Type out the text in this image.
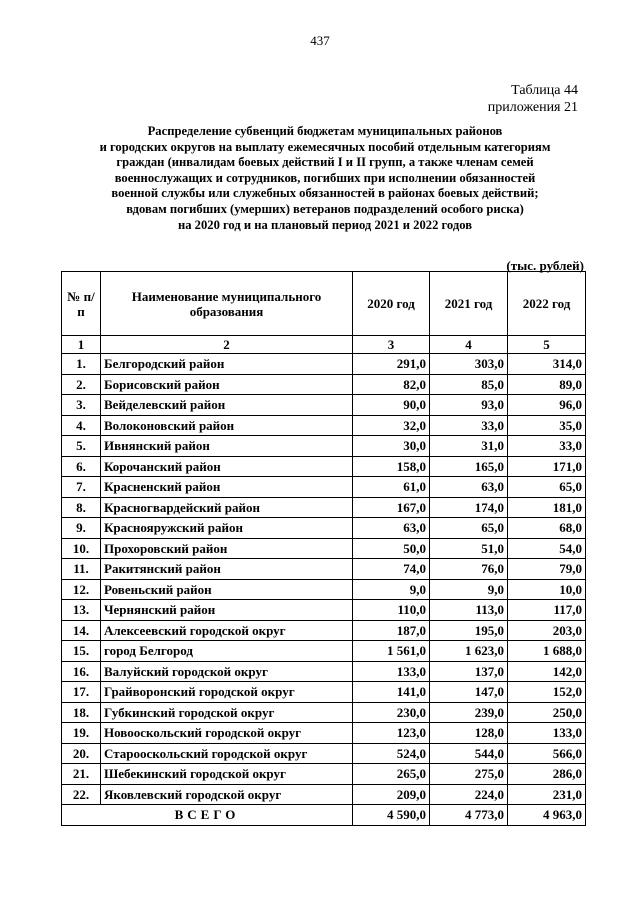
437
Таблица 44
приложения 21
Распределение субвенций бюджетам муниципальных районов
и городских округов на выплату ежемесячных пособий отдельным категориям
граждан (инвалидам боевых действий I и II групп, а также членам семей
военнослужащих и сотрудников, погибших при исполнении обязанностей
военной службы или служебных обязанностей в районах боевых действий;
вдовам погибших (умерших) ветеранов подразделений особого риска)
на 2020 год и на плановый период 2021 и 2022 годов
(тыс. рублей)
№ п/п	Наименование муниципального образования	2020 год	2021 год	2022 год
1	2	3	4	5
1.	Белгородский район	291,0	303,0	314,0
2.	Борисовский район	82,0	85,0	89,0
3.	Вейделевский район	90,0	93,0	96,0
4.	Волоконовский район	32,0	33,0	35,0
5.	Ивнянский район	30,0	31,0	33,0
6.	Корочанский район	158,0	165,0	171,0
7.	Красненский район	61,0	63,0	65,0
8.	Красногвардейский район	167,0	174,0	181,0
9.	Краснояружский район	63,0	65,0	68,0
10.	Прохоровский район	50,0	51,0	54,0
11.	Ракитянский район	74,0	76,0	79,0
12.	Ровеньский район	9,0	9,0	10,0
13.	Чернянский район	110,0	113,0	117,0
14.	Алексеевский городской округ	187,0	195,0	203,0
15.	город Белгород	1 561,0	1 623,0	1 688,0
16.	Валуйский городской округ	133,0	137,0	142,0
17.	Грайворонский городской округ	141,0	147,0	152,0
18.	Губкинский городской округ	230,0	239,0	250,0
19.	Новооскольский городской округ	123,0	128,0	133,0
20.	Старооскольский городской округ	524,0	544,0	566,0
21.	Шебекинский городской округ	265,0	275,0	286,0
22.	Яковлевский городской округ	209,0	224,0	231,0
ВСЕГО		4 590,0	4 773,0	4 963,0
